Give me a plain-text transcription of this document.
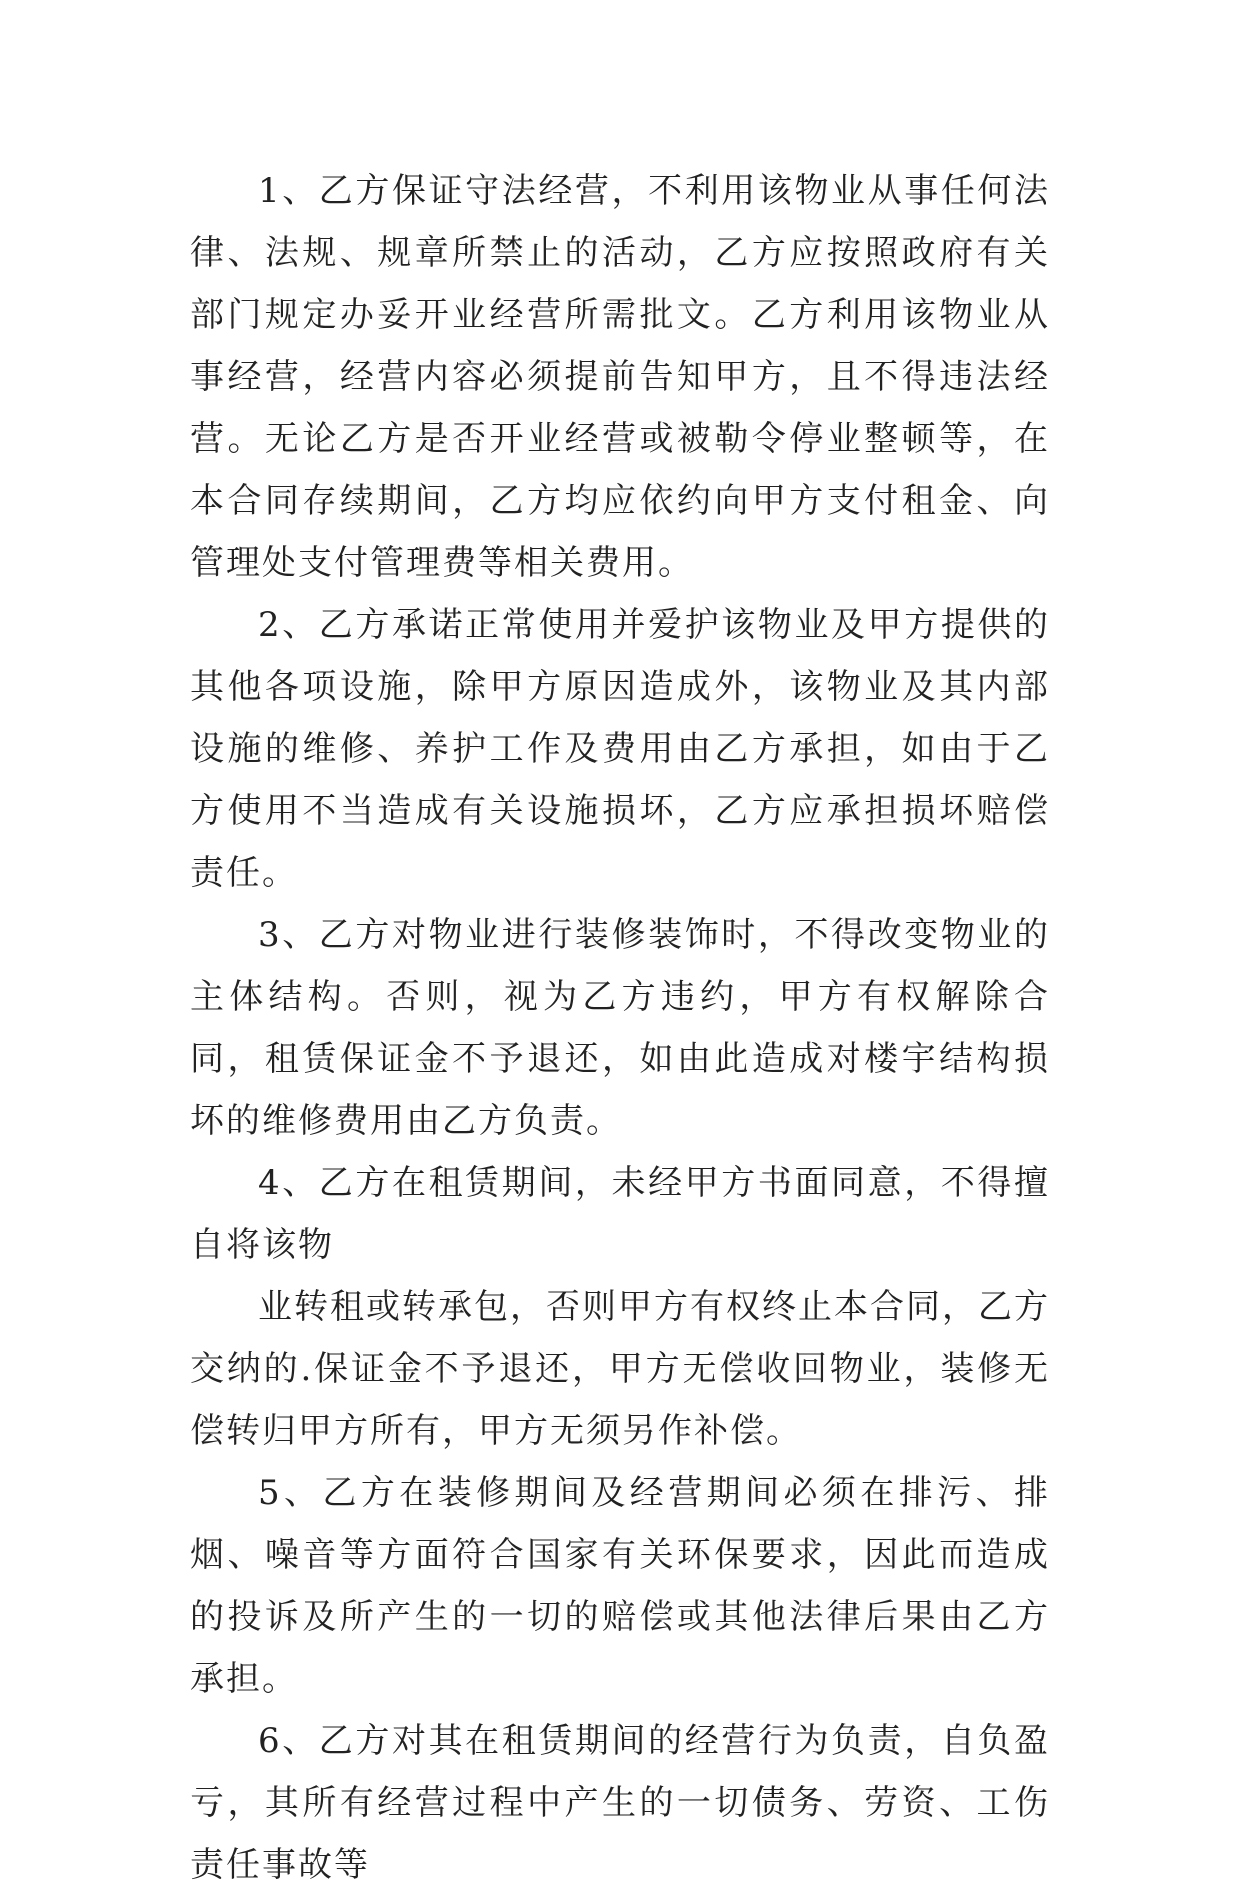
1、乙方保证守法经营，不利用该物业从事任何法律、法规、规章所禁止的活动，乙方应按照政府有关部门规定办妥开业经营所需批文。乙方利用该物业从事经营，经营内容必须提前告知甲方，且不得违法经营。无论乙方是否开业经营或被勒令停业整顿等，在本合同存续期间，乙方均应依约向甲方支付租金、向管理处支付管理费等相关费用。

2、乙方承诺正常使用并爱护该物业及甲方提供的其他各项设施，除甲方原因造成外，该物业及其内部设施的维修、养护工作及费用由乙方承担，如由于乙方使用不当造成有关设施损坏，乙方应承担损坏赔偿责任。

3、乙方对物业进行装修装饰时，不得改变物业的主体结构。否则，视为乙方违约，甲方有权解除合同，租赁保证金不予退还，如由此造成对楼宇结构损坏的维修费用由乙方负责。

4、乙方在租赁期间，未经甲方书面同意，不得擅自将该物

业转租或转承包，否则甲方有权终止本合同，乙方交纳的.保证金不予退还，甲方无偿收回物业，装修无偿转归甲方所有，甲方无须另作补偿。

5、乙方在装修期间及经营期间必须在排污、排烟、噪音等方面符合国家有关环保要求，因此而造成的投诉及所产生的一切的赔偿或其他法律后果由乙方承担。

6、乙方对其在租赁期间的经营行为负责，自负盈亏，其所有经营过程中产生的一切债务、劳资、工伤责任事故等
